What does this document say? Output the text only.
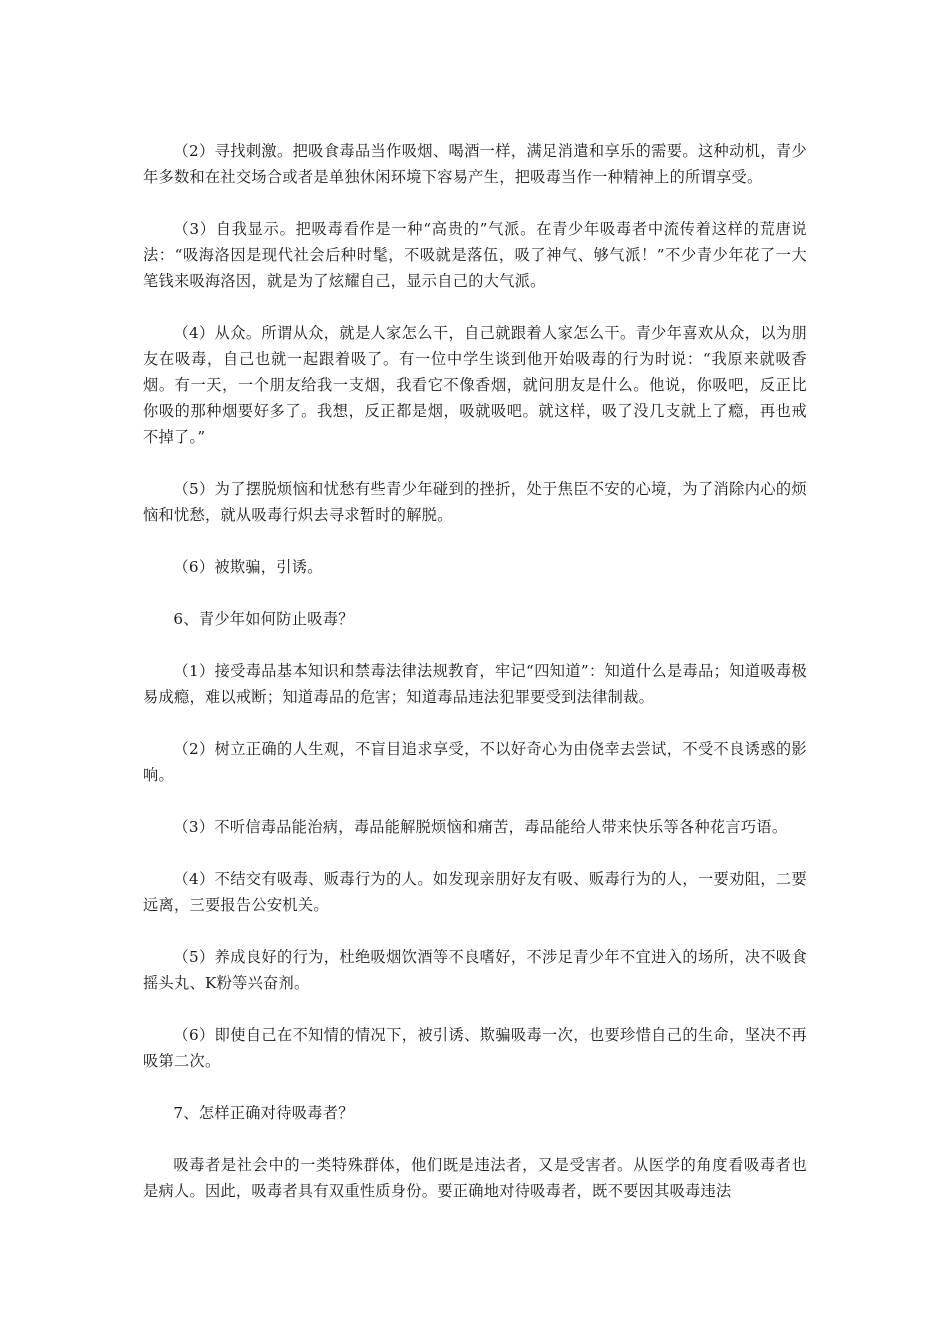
（2）寻找刺激。把吸食毒品当作吸烟、喝酒一样，满足消遣和享乐的需要。这种动机，青少年多数和在社交场合或者是单独休闲环境下容易产生，把吸毒当作一种精神上的所谓享受。

（3）自我显示。把吸毒看作是一种“高贵的”气派。在青少年吸毒者中流传着这样的荒唐说法：“吸海洛因是现代社会后种时髦，不吸就是落伍，吸了神气、够气派！”不少青少年花了一大笔钱来吸海洛因，就是为了炫耀自己，显示自己的大气派。

（4）从众。所谓从众，就是人家怎么干，自己就跟着人家怎么干。青少年喜欢从众，以为朋友在吸毒，自己也就一起跟着吸了。有一位中学生谈到他开始吸毒的行为时说：“我原来就吸香烟。有一天，一个朋友给我一支烟，我看它不像香烟，就问朋友是什么。他说，你吸吧，反正比你吸的那种烟要好多了。我想，反正都是烟，吸就吸吧。就这样，吸了没几支就上了瘾，再也戒不掉了。”

（5）为了摆脱烦恼和忧愁有些青少年碰到的挫折，处于焦臣不安的心境，为了消除内心的烦恼和忧愁，就从吸毒行炽去寻求暂时的解脱。

（6）被欺骗，引诱。

6、青少年如何防止吸毒？

（1）接受毒品基本知识和禁毒法律法规教育，牢记“四知道”：知道什么是毒品；知道吸毒极易成瘾，难以戒断；知道毒品的危害；知道毒品违法犯罪要受到法律制裁。

（2）树立正确的人生观，不盲目追求享受，不以好奇心为由侥幸去尝试，不受不良诱惑的影响。

（3）不听信毒品能治病，毒品能解脱烦恼和痛苦，毒品能给人带来快乐等各种花言巧语。

（4）不结交有吸毒、贩毒行为的人。如发现亲朋好友有吸、贩毒行为的人，一要劝阻，二要远离，三要报告公安机关。

（5）养成良好的行为，杜绝吸烟饮酒等不良嗜好，不涉足青少年不宜进入的场所，决不吸食摇头丸、K粉等兴奋剂。

（6）即使自己在不知情的情况下，被引诱、欺骗吸毒一次，也要珍惜自己的生命，坚决不再吸第二次。

7、怎样正确对待吸毒者？

吸毒者是社会中的一类特殊群体，他们既是违法者，又是受害者。从医学的角度看吸毒者也是病人。因此，吸毒者具有双重性质身份。要正确地对待吸毒者，既不要因其吸毒违法
